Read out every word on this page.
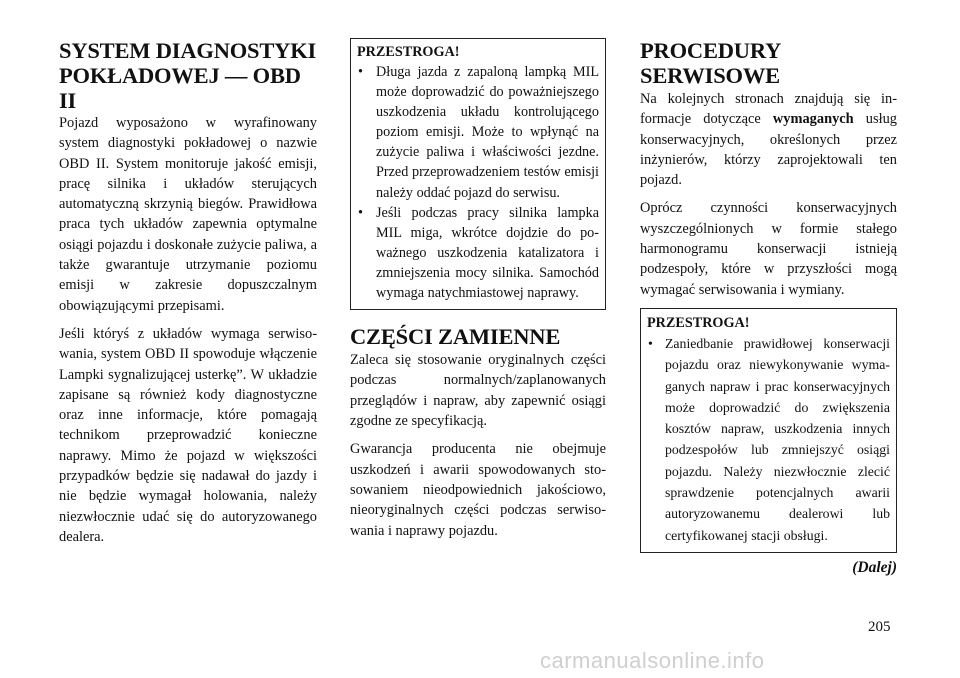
SYSTEM DIAGNOSTYKI POKŁADOWEJ — OBD II

Pojazd wyposażono w wyrafinowany system diagnostyki pokładowej o nazwie OBD II. System monitoruje jakość emisji, pracę silnika i układów sterujących automatyczną skrzynią biegów. Prawidłowa praca tych układów zapewnia optymalne osiągi pojazdu i doskonałe zużycie paliwa, a także gwarantuje utrzymanie poziomu emisji w zakresie dopuszczalnym obowiązującymi przepisami.

Jeśli któryś z układów wymaga serwisowania, system OBD II spowoduje włączenie Lampki sygnalizującej usterkę”. W układzie zapisane są również kody diagnostyczne oraz inne informacje, które pomagają technikom przeprowadzić konieczne naprawy. Mimo że pojazd w większości przypadków będzie się nadawał do jazdy i nie będzie wymagał holowania, należy niezwłocznie udać się do autoryzowanego dealera.

PRZESTROGA!
• Długa jazda z zapaloną lampką MIL może doprowadzić do poważniejszego uszkodzenia układu kontrolującego poziom emisji. Może to wpłynąć na zużycie paliwa i właściwości jezdne. Przed przeprowadzeniem testów emisji należy oddać pojazd do serwisu.
• Jeśli podczas pracy silnika lampka MIL miga, wkrótce dojdzie do poważnego uszkodzenia katalizatora i zmniejszenia mocy silnika. Samochód wymaga natychmiastowej naprawy.
CZĘŚCI ZAMIENNE

Zaleca się stosowanie oryginalnych części podczas normalnych/zaplanowanych przeglądów i napraw, aby zapewnić osiągi zgodne ze specyfikacją.

Gwarancja producenta nie obejmuje uszkodzeń i awarii spowodowanych stosowaniem nieodpowiednich jakościowo, nieoryginalnych części podczas serwisowania i naprawy pojazdu.

PROCEDURY SERWISOWE

Na kolejnych stronach znajdują się informacje dotyczące wymaganych usług konserwacyjnych, określonych przez inżynierów, którzy zaprojektowali ten pojazd.

Oprócz czynności konserwacyjnych wyszczególnionych w formie stałego harmonogramu konserwacji istnieją podzespoły, które w przyszłości mogą wymagać serwisowania i wymiany.

PRZESTROGA!
• Zaniedbanie prawidłowej konserwacji pojazdu oraz niewykonywanie wymaganych napraw i prac konserwacyjnych może doprowadzić do zwiększenia kosztów napraw, uszkodzenia innych podzespołów lub zmniejszyć osiągi pojazdu. Należy niezwłocznie zlecić sprawdzenie potencjalnych awarii autoryzowanemu dealerowi lub certyfikowanej stacji obsługi.
(Dalej)
205
carmanualsonline.info
